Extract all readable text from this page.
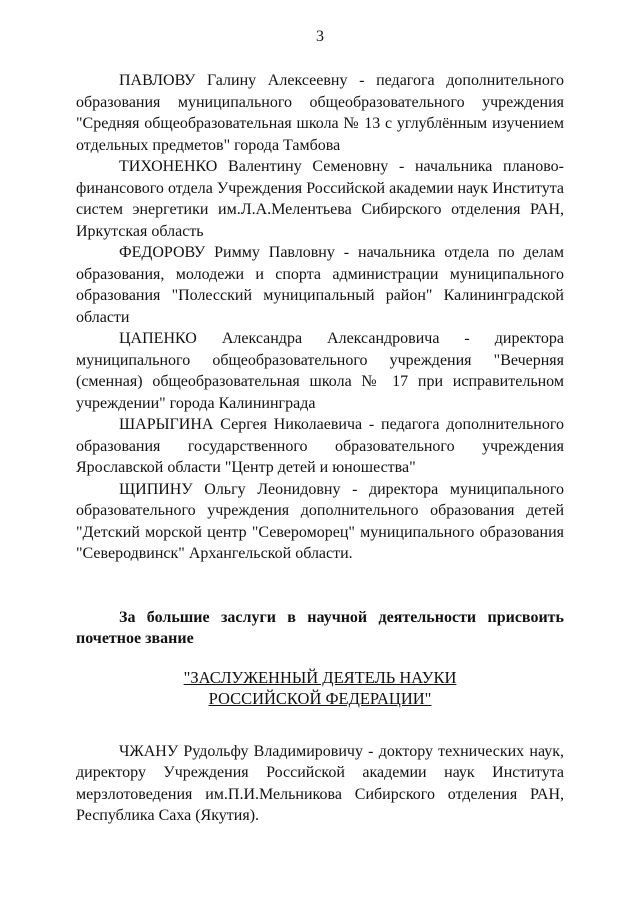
3

ПАВЛОВУ Галину Алексеевну - педагога дополнительного образования муниципального общеобразовательного учреждения "Средняя общеобразовательная школа № 13 с углублённым изучением отдельных предметов" города Тамбова

ТИХОНЕНКО Валентину Семеновну - начальника планово-финансового отдела Учреждения Российской академии наук Института систем энергетики им.Л.А.Мелентьева Сибирского отделения РАН, Иркутская область

ФЕДОРОВУ Римму Павловну - начальника отдела по делам образования, молодежи и спорта администрации муниципального образования "Полесский муниципальный район" Калининградской области

ЦАПЕНКО Александра Александровича - директора муниципального общеобразовательного учреждения "Вечерняя (сменная) общеобразовательная школа № 17 при исправительном учреждении" города Калининграда

ШАРЫГИНА Сергея Николаевича - педагога дополнительного образования государственного образовательного учреждения Ярославской области "Центр детей и юношества"

ЩИПИНУ Ольгу Леонидовну - директора муниципального образовательного учреждения дополнительного образования детей "Детский морской центр "Североморец" муниципального образования "Северодвинск" Архангельской области.

За большие заслуги в научной деятельности присвоить почетное звание

"ЗАСЛУЖЕННЫЙ ДЕЯТЕЛЬ НАУКИ
РОССИЙСКОЙ ФЕДЕРАЦИИ"

ЧЖАНУ Рудольфу Владимировичу - доктору технических наук, директору Учреждения Российской академии наук Института мерзлотоведения им.П.И.Мельникова Сибирского отделения РАН, Республика Саха (Якутия).
